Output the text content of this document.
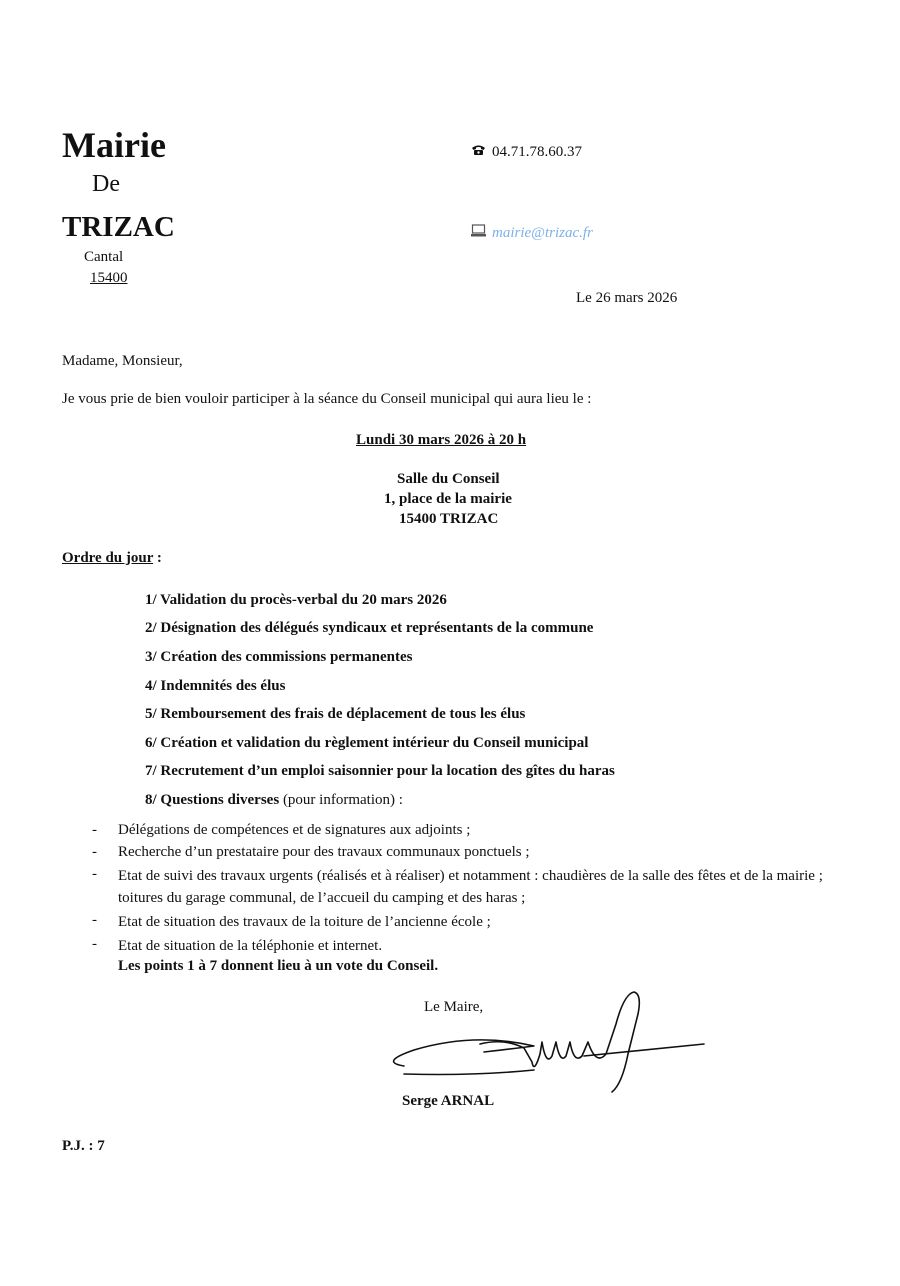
Mairie
De
TRIZAC
Cantal
15400
04.71.78.60.37
mairie@trizac.fr
Le 26 mars 2026
Madame, Monsieur,
Je vous prie de bien vouloir participer à la séance du Conseil municipal qui aura lieu le :
Lundi 30 mars 2026 à 20 h
Salle du Conseil
1, place de la mairie
15400 TRIZAC
Ordre du jour :
1/ Validation du procès-verbal du 20 mars 2026
2/ Désignation des délégués syndicaux et représentants de la commune
3/ Création des commissions permanentes
4/ Indemnités des élus
5/ Remboursement des frais de déplacement de tous les élus
6/ Création et validation du règlement intérieur du Conseil municipal
7/ Recrutement d’un emploi saisonnier pour la location des gîtes du haras
8/ Questions diverses (pour information) :
- Délégations de compétences et de signatures aux adjoints ;
- Recherche d’un prestataire pour des travaux communaux ponctuels ;
- Etat de suivi des travaux urgents (réalisés et à réaliser) et notamment : chaudières de la salle des fêtes et de la mairie ; toitures du garage communal, de l’accueil du camping et des haras ;
- Etat de situation des travaux de la toiture de l’ancienne école ;
- Etat de situation de la téléphonie et internet.
Les points 1 à 7 donnent lieu à un vote du Conseil.
Le Maire,
Serge ARNAL
P.J. : 7
